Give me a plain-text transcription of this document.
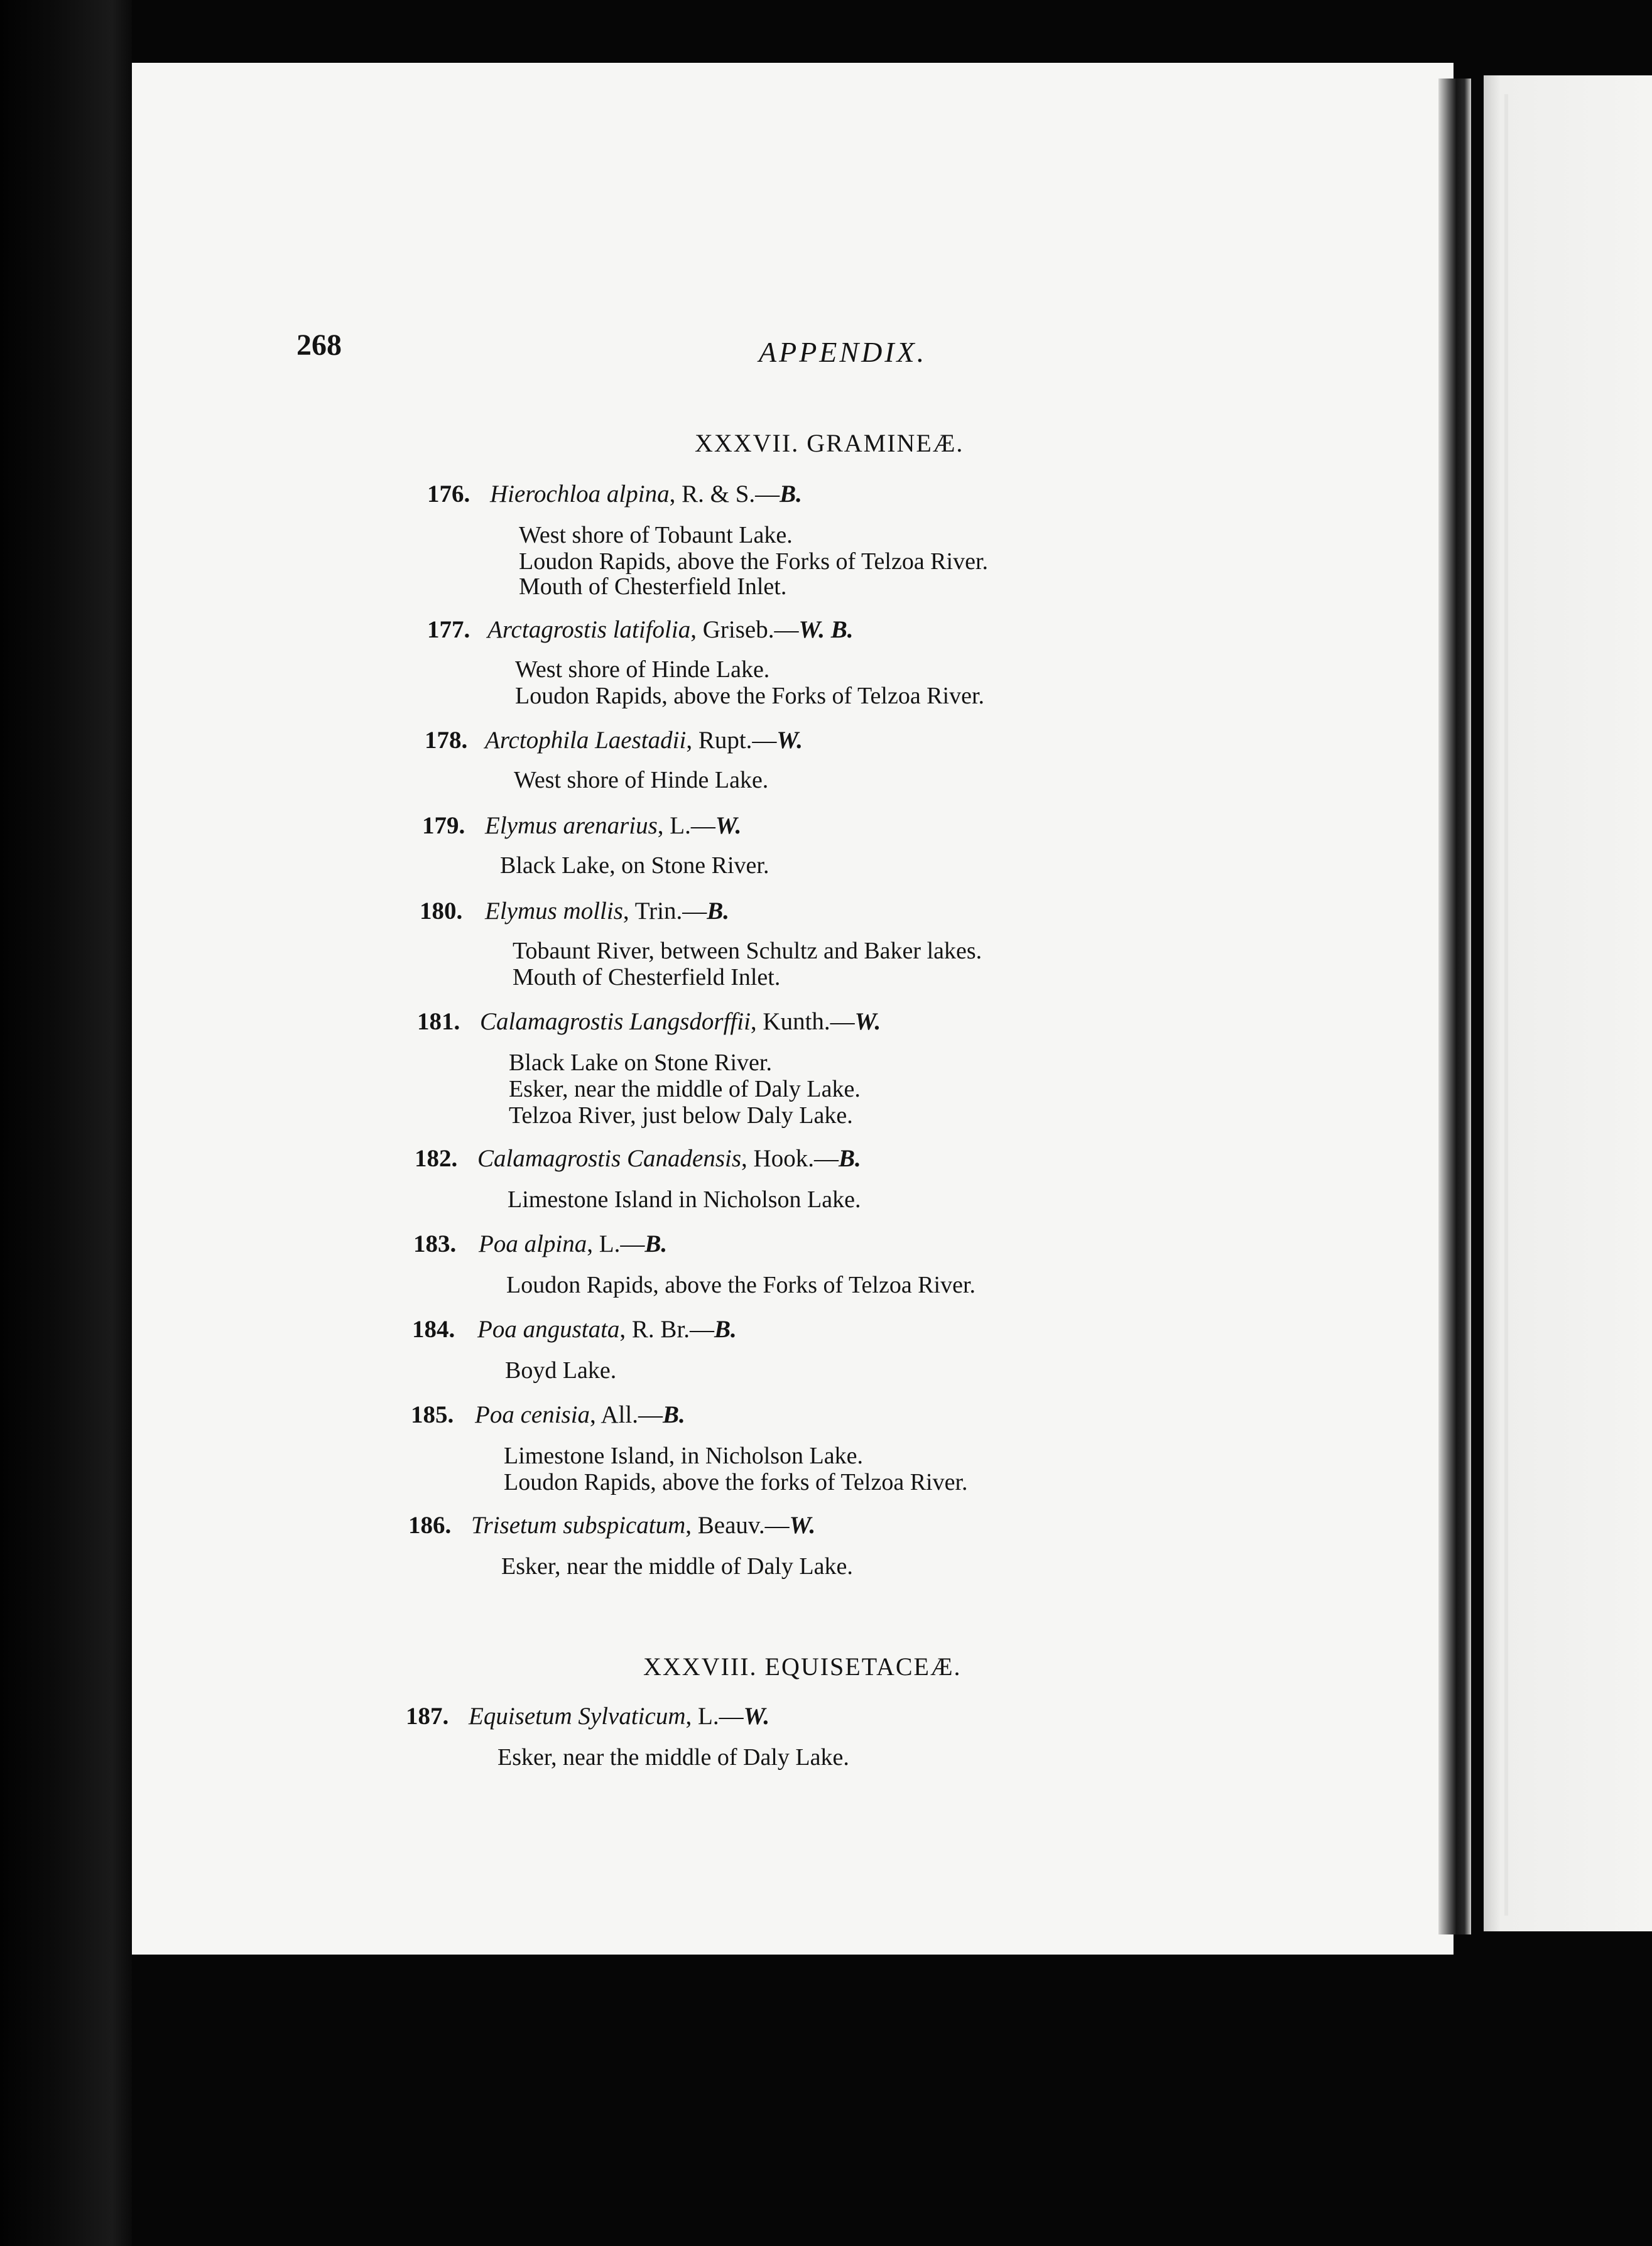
268	APPENDIX.
XXXVII. GRAMINEÆ.
176. Hierochloa alpina, R. & S.—B.
West shore of Tobaunt Lake.
Loudon Rapids, above the Forks of Telzoa River.
Mouth of Chesterfield Inlet.
177. Arctagrostis latifolia, Griseb.—W. B.
West shore of Hinde Lake.
Loudon Rapids, above the Forks of Telzoa River.
178. Arctophila Laestadii, Rupt.—W.
West shore of Hinde Lake.
179. Elymus arenarius, L.—W.
Black Lake, on Stone River.
180. Elymus mollis, Trin.—B.
Tobaunt River, between Schultz and Baker lakes.
Mouth of Chesterfield Inlet.
181. Calamagrostis Langsdorffii, Kunth.—W.
Black Lake on Stone River.
Esker, near the middle of Daly Lake.
Telzoa River, just below Daly Lake.
182. Calamagrostis Canadensis, Hook.—B.
Limestone Island in Nicholson Lake.
183. Poa alpina, L.—B.
Loudon Rapids, above the Forks of Telzoa River.
184. Poa angustata, R. Br.—B.
Boyd Lake.
185. Poa cenisia, All.—B.
Limestone Island, in Nicholson Lake.
Loudon Rapids, above the forks of Telzoa River.
186. Trisetum subspicatum, Beauv.—W.
Esker, near the middle of Daly Lake.
XXXVIII. EQUISETACEÆ.
187. Equisetum Sylvaticum, L.—W.
Esker, near the middle of Daly Lake.
